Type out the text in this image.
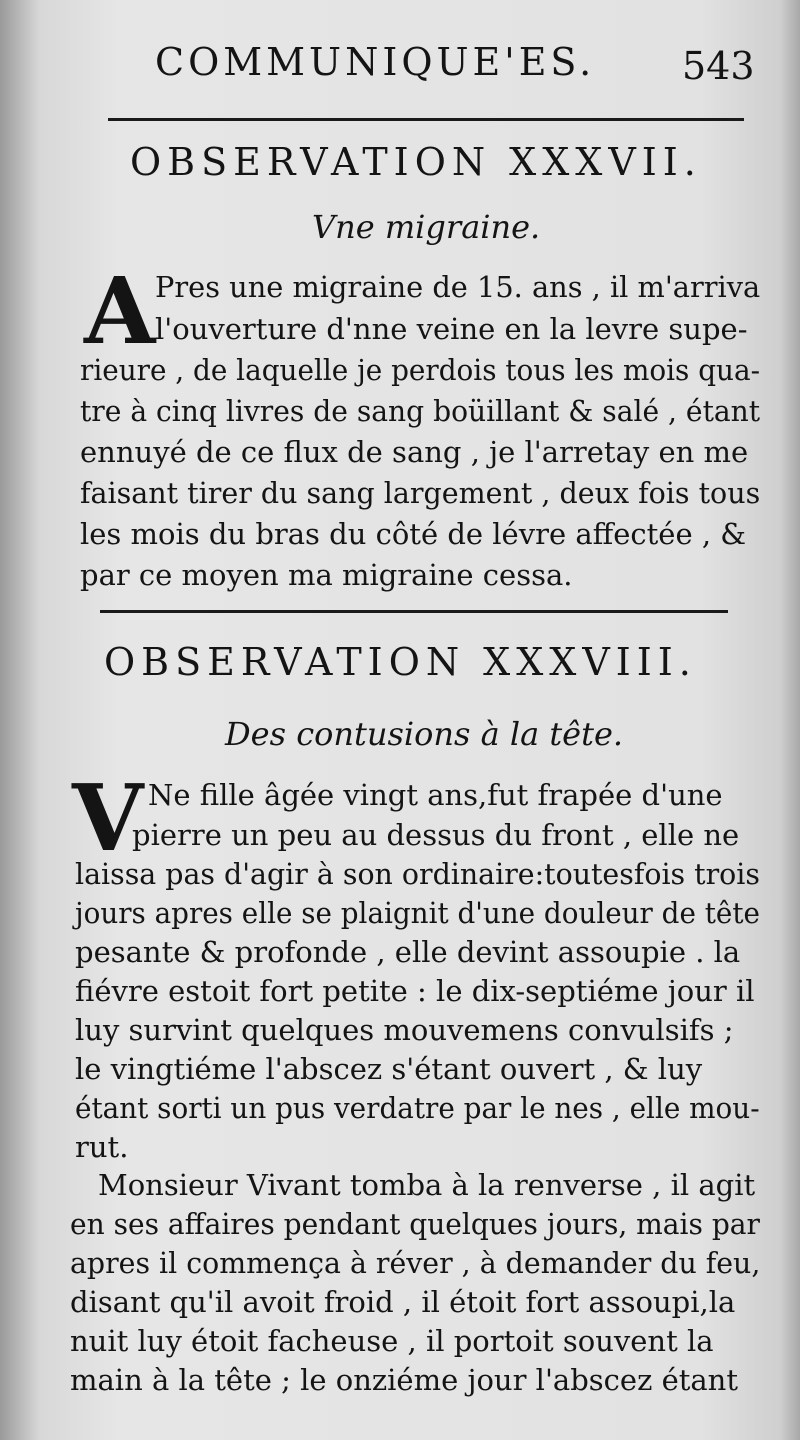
COMMUNIQUE'ES. 543
OBSERVATION XXXVII.
Vne migraine.
A Pres une migraine de 15. ans , il m'arriva
l'ouverture d'nne veine en la levre supe-
rieure , de laquelle je perdois tous les mois qua-
tre à cinq livres de sang boüillant & salé , étant
ennuyé de ce flux de sang , je l'arretay en me
faisant tirer du sang largement , deux fois tous
les mois du bras du côté de lévre affectée , &
par ce moyen ma migraine cessa.
OBSERVATION XXXVIII.
Des contusions à la tête.
V Ne fille âgée vingt ans,fut frapée d'une
pierre un peu au dessus du front , elle ne
laissa pas d'agir à son ordinaire:toutesfois trois
jours apres elle se plaignit d'une douleur de tête
pesante & profonde , elle devint assoupie . la
fiévre estoit fort petite : le dix-septiéme jour il
luy survint quelques mouvemens convulsifs ;
le vingtiéme l'abscez s'étant ouvert , & luy
étant sorti un pus verdatre par le nes , elle mou-
rut.
Monsieur Vivant tomba à la renverse , il agit
en ses affaires pendant quelques jours, mais par
apres il commença à réver , à demander du feu,
disant qu'il avoit froid , il étoit fort assoupi,la
nuit luy étoit facheuse , il portoit souvent la
main à la tête ; le onziéme jour l'abscez étant
